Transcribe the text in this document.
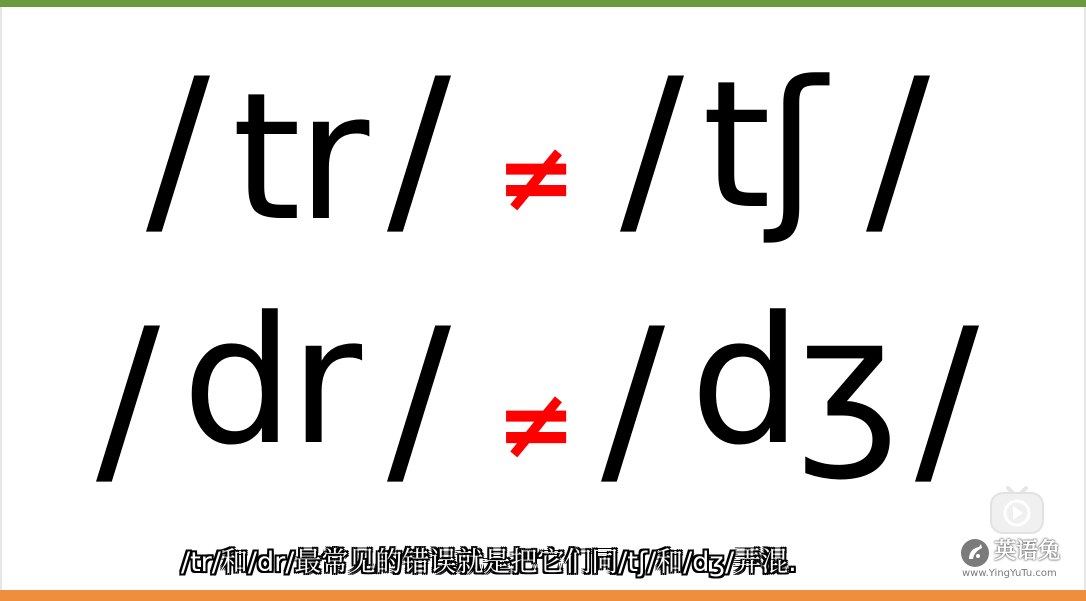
/ tr / ≠ / tʃ /
/ dr / ≠ / dʒ /
/tr/和/dr/最常见的错误就是把它们同/tʃ/和/dʒ/弄混.	英语兔
www.YingYuTu.com
